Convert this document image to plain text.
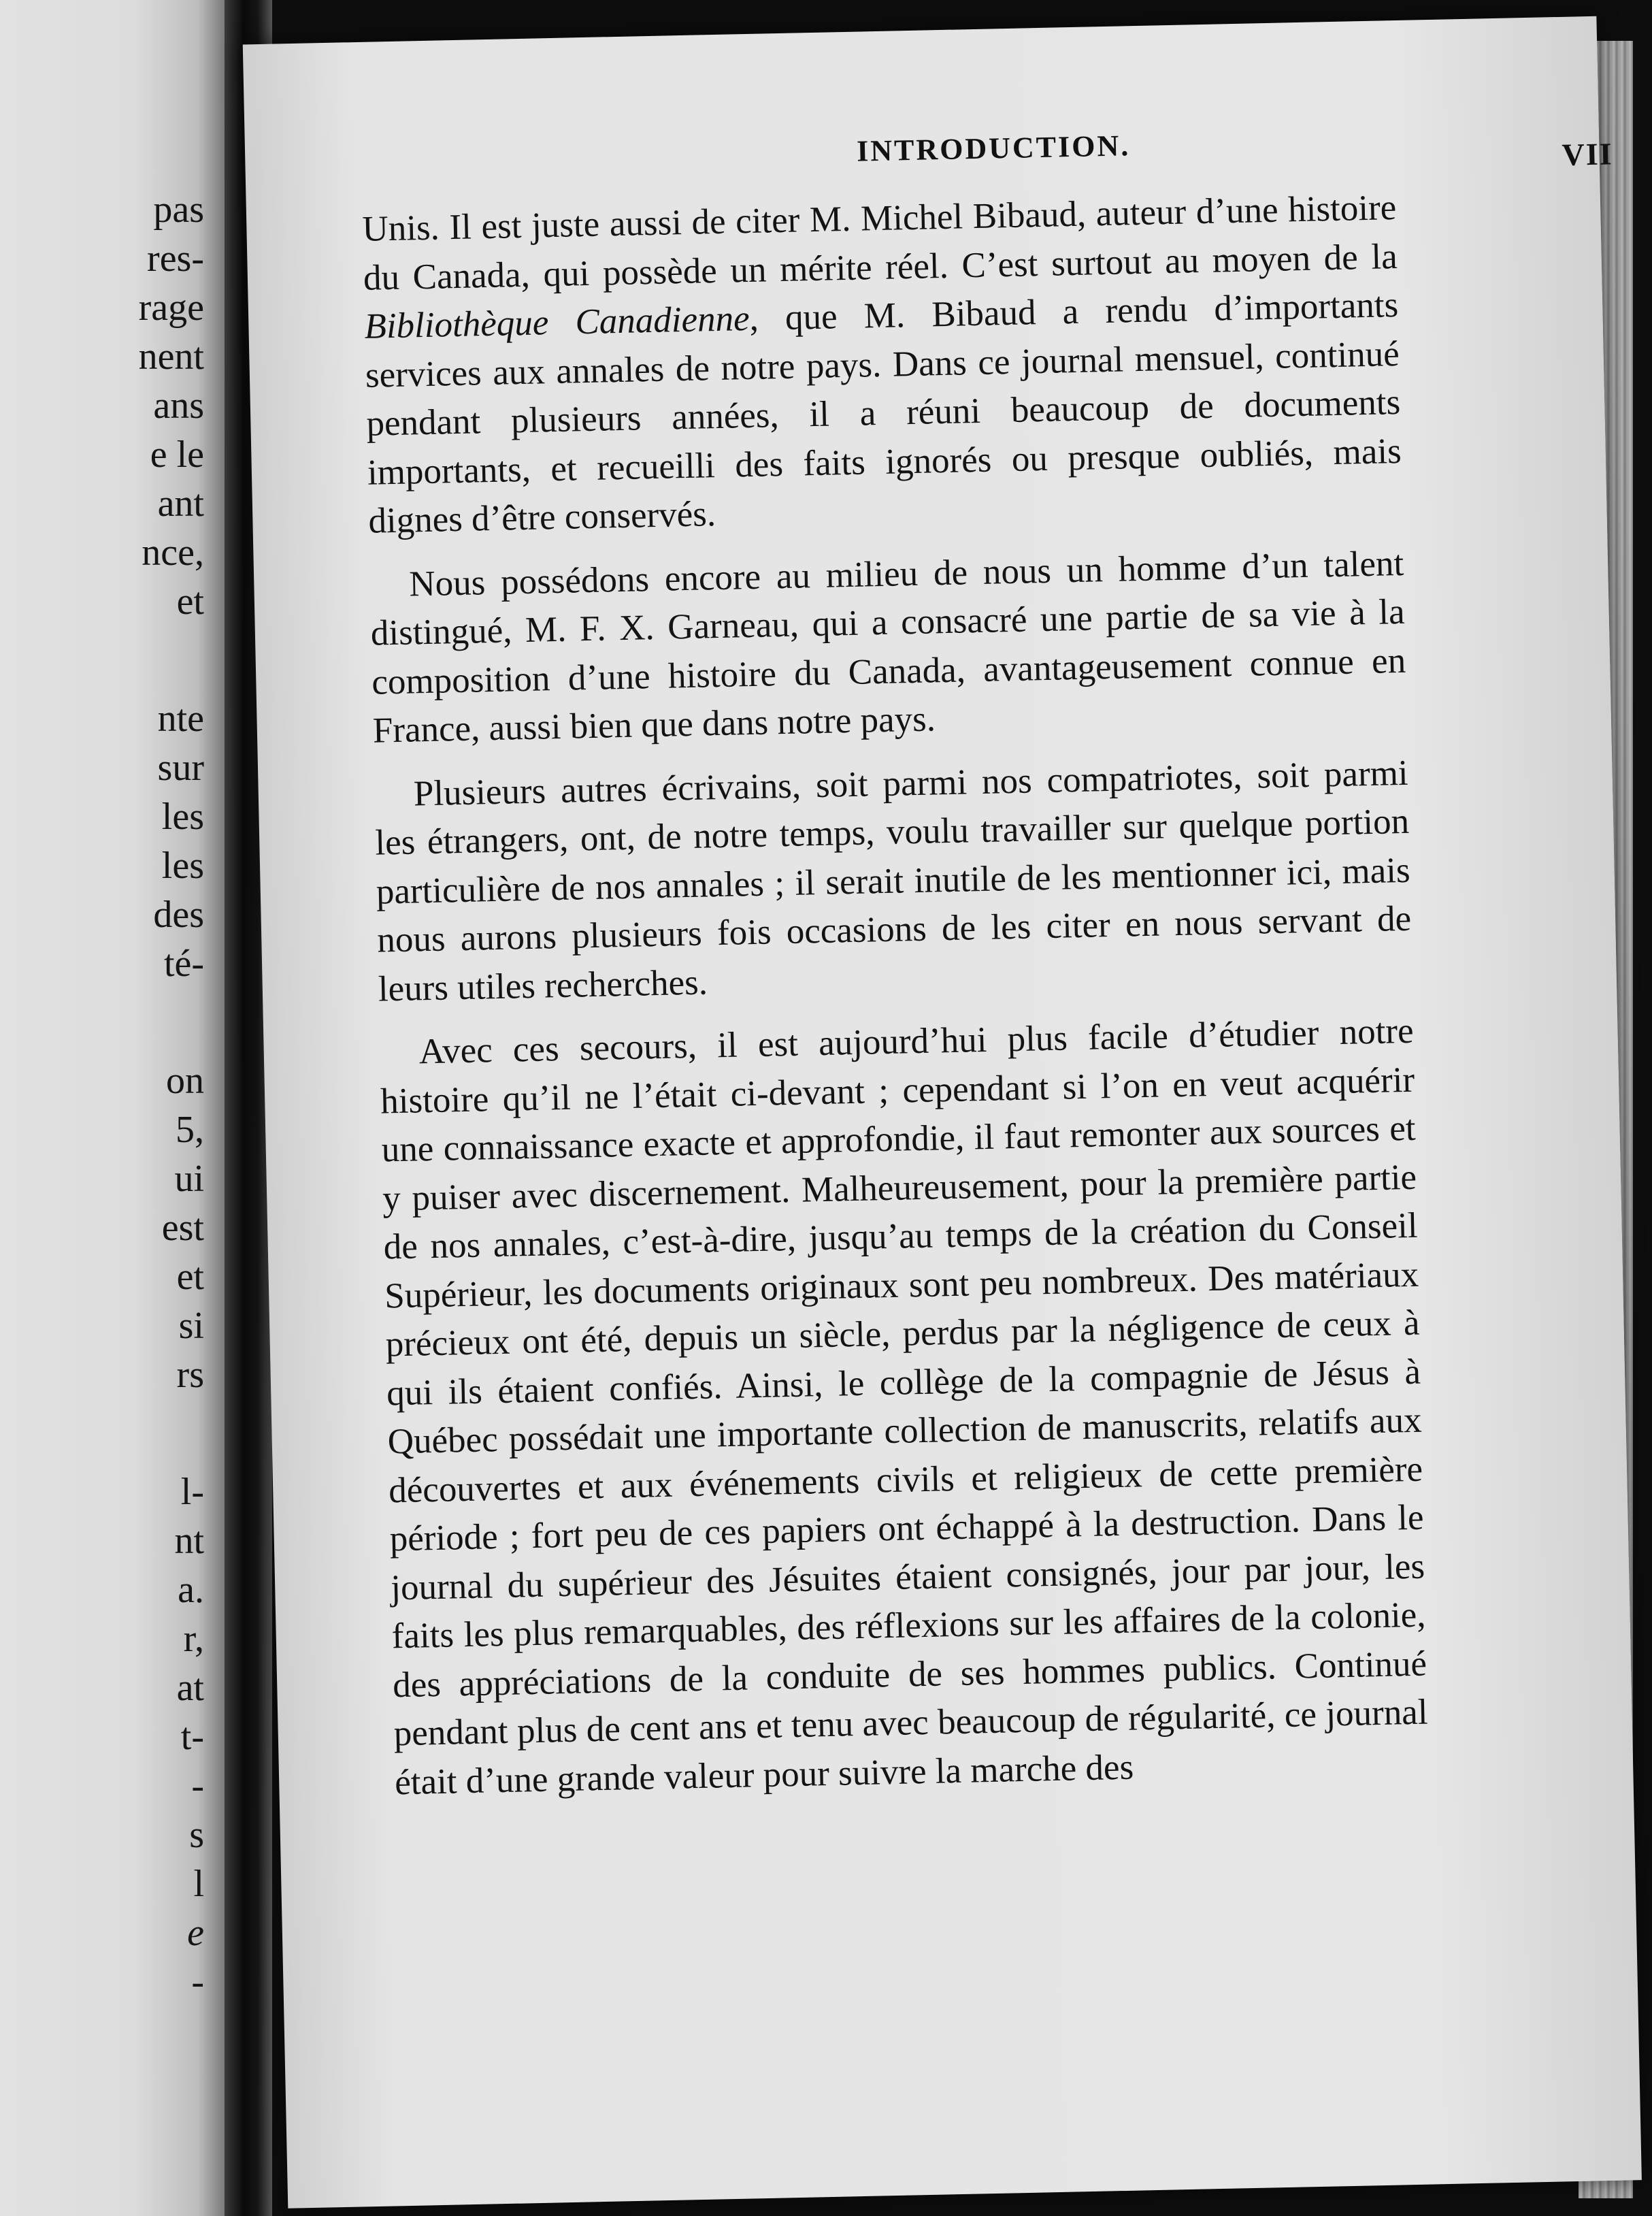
pas
res-
rage
nent
ans
e le
ant
nce,
et
nte
sur
les
les
des
té-
on
5,
ui
est
et
si
rs
l-
nt
a.
r,
at
t-
-
s
l
e
-
INTRODUCTION.	VII

Unis. Il est juste aussi de citer M. Michel Bibaud, auteur d’une histoire du Canada, qui possède un mérite réel. C’est surtout au moyen de la Bibliothèque Canadienne, que M. Bibaud a rendu d’importants services aux annales de notre pays. Dans ce journal mensuel, continué pendant plusieurs années, il a réuni beaucoup de documents importants, et recueilli des faits ignorés ou presque oubliés, mais dignes d’être conservés.

Nous possédons encore au milieu de nous un homme d’un talent distingué, M. F. X. Garneau, qui a consacré une partie de sa vie à la composition d’une histoire du Canada, avantageusement connue en France, aussi bien que dans notre pays.

Plusieurs autres écrivains, soit parmi nos compatriotes, soit parmi les étrangers, ont, de notre temps, voulu travailler sur quelque portion particulière de nos annales ; il serait inutile de les mentionner ici, mais nous aurons plusieurs fois occasions de les citer en nous servant de leurs utiles recherches.

Avec ces secours, il est aujourd’hui plus facile d’étudier notre histoire qu’il ne l’était ci-devant ; cependant si l’on en veut acquérir une connaissance exacte et approfondie, il faut remonter aux sources et y puiser avec discernement. Malheureusement, pour la première partie de nos annales, c’est-à-dire, jusqu’au temps de la création du Conseil Supérieur, les documents originaux sont peu nombreux. Des matériaux précieux ont été, depuis un siècle, perdus par la négligence de ceux à qui ils étaient confiés. Ainsi, le collège de la compagnie de Jésus à Québec possédait une importante collection de manuscrits, relatifs aux découvertes et aux événements civils et religieux de cette première période ; fort peu de ces papiers ont échappé à la destruction. Dans le journal du supérieur des Jésuites étaient consignés, jour par jour, les faits les plus remarquables, des réflexions sur les affaires de la colonie, des appréciations de la conduite de ses hommes publics. Continué pendant plus de cent ans et tenu avec beaucoup de régularité, ce journal était d’une grande valeur pour suivre la marche des
